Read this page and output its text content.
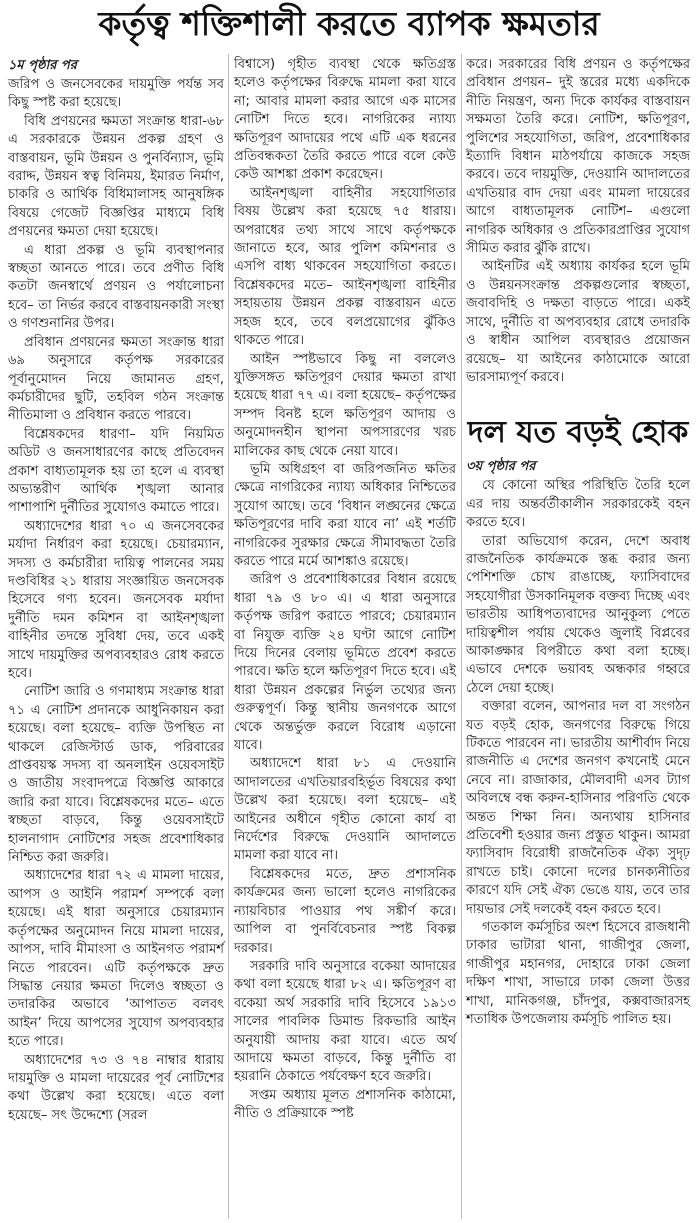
কর্তৃত্ব শক্তিশালী করতে ব্যাপক ক্ষমতার
১ম পৃষ্ঠার পর

জরিপ ও জনসেবকের দায়মুক্তি পর্যন্ত সব কিছু স্পষ্ট করা হয়েছে।

বিধি প্রণয়নের ক্ষমতা সংক্রান্ত ধারা-৬৮ এ সরকারকে উন্নয়ন প্রকল্প গ্রহণ ও বাস্তবায়ন, ভূমি উন্নয়ন ও পুনর্বিন্যাস, ভূমি বরাদ্দ, উন্নয়ন স্বত্ব বিনিময়, ইমারত নির্মাণ, চাকরি ও আর্থিক বিধিমালাসহ আনুষঙ্গিক বিষয়ে গেজেট বিজ্ঞপ্তির মাধ্যমে বিধি প্রণয়নের ক্ষমতা দেয়া হয়েছে।

এ ধারা প্রকল্প ও ভূমি ব্যবস্থাপনার স্বচ্ছতা আনতে পারে। তবে প্রণীত বিধি কতটা জনস্বার্থে প্রণয়ন ও পর্যালোচনা হবে– তা নির্ভর করবে বাস্তবায়নকারী সংস্থা ও গণশুনানির উপর।

প্রবিধান প্রণয়নের ক্ষমতা সংক্রান্ত ধারা ৬৯ অনুসারে কর্তৃপক্ষ সরকারের পূর্বানুমোদন নিয়ে জামানত গ্রহণ, কর্মচারীদের ছুটি, তহবিল গঠন সংক্রান্ত নীতিমালা ও প্রবিধান করতে পারবে।

বিশ্লেষকদের ধারণা– যদি নিয়মিত অডিট ও জনসাধারণের কাছে প্রতিবেদন প্রকাশ বাধ্যতামূলক হয় তা হলে এ ব্যবস্থা অভ্যন্তরীণ আর্থিক শৃঙ্খলা আনার পাশাপাশি দুর্নীতির সুযোগও কমাতে পারে।

অধ্যাদেশের ধারা ৭০ এ জনসেবকের মর্যাদা নির্ধারণ করা হয়েছে। চেয়ারম্যান, সদস্য ও কর্মচারীরা দায়িত্ব পালনের সময় দণ্ডবিধির ২১ ধারায় সংজ্ঞায়িত জনসেবক হিসেবে গণ্য হবেন। জনসেবক মর্যাদা দুর্নীতি দমন কমিশন বা আইনশৃঙ্খলা বাহিনীর তদন্তে সুবিধা দেয়, তবে একই সাথে দায়মুক্তির অপব্যবহারও রোধ করতে হবে।

নোটিশ জারি ও গণমাধ্যম সংক্রান্ত ধারা ৭১ এ নোটিশ প্রদানকে আধুনিকায়ন করা হয়েছে। বলা হয়েছে– ব্যক্তি উপস্থিত না থাকলে রেজিস্টার্ড ডাক, পরিবারের প্রাপ্তবয়স্ক সদস্য বা অনলাইন ওয়েবসাইট ও জাতীয় সংবাদপত্রে বিজ্ঞপ্তি আকারে জারি করা যাবে। বিশ্লেষকদের মতে– এতে স্বচ্ছতা বাড়বে, কিন্তু ওয়েবসাইটে হালনাগাদ নোটিশের সহজ প্রবেশাধিকার নিশ্চিত করা জরুরি।

অধ্যাদেশের ধারা ৭২ এ মামলা দায়ের, আপস ও আইনি পরামর্শ সম্পর্কে বলা হয়েছে। এই ধারা অনুসারে চেয়ারম্যান কর্তৃপক্ষের অনুমোদন নিয়ে মামলা দায়ের, আপস, দাবি মীমাংসা ও আইনগত পরামর্শ নিতে পারবেন। এটি কর্তৃপক্ষকে দ্রুত সিদ্ধান্ত নেয়ার ক্ষমতা দিলেও স্বচ্ছতা ও তদারকির অভাবে ‘আপাতত বলবৎ আইন’ দিয়ে আপসের সুযোগ অপব্যবহার হতে পারে।

অধ্যাদেশের ৭৩ ও ৭৪ নাম্বার ধারায় দায়মুক্তি ও মামলা দায়েরের পূর্ব নোটিশের কথা উল্লেখ করা হয়েছে। এতে বলা হয়েছে– সৎ উদ্দেশ্যে (সরল

বিশ্বাসে) গৃহীত ব্যবস্থা থেকে ক্ষতিগ্রস্ত হলেও কর্তৃপক্ষের বিরুদ্ধে মামলা করা যাবে না; আবার মামলা করার আগে এক মাসের নোটিশ দিতে হবে। নাগরিকের ন্যায্য ক্ষতিপূরণ আদায়ের পথে এটি এক ধরনের প্রতিবন্ধকতা তৈরি করতে পারে বলে কেউ কেউ আশঙ্কা প্রকাশ করেছেন।

আইনশৃঙ্খলা বাহিনীর সহযোগিতার বিষয় উল্লেখ করা হয়েছে ৭৫ ধারায়। অপরাধের তথ্য সাথে সাথে কর্তৃপক্ষকে জানাতে হবে, আর পুলিশ কমিশনার ও এসপি বাধ্য থাকবেন সহযোগিতা করতে। বিশ্লেষকদের মতে– আইনশৃঙ্খলা বাহিনীর সহায়তায় উন্নয়ন প্রকল্প বাস্তবায়ন এতে সহজ হবে, তবে বলপ্রয়োগের ঝুঁকিও থাকতে পারে।

আইন স্পষ্টভাবে কিছু না বললেও যুক্তিসঙ্গত ক্ষতিপূরণ দেয়ার ক্ষমতা রাখা হয়েছে ধারা ৭৭ এ। বলা হয়েছে– কর্তৃপক্ষের সম্পদ বিনষ্ট হলে ক্ষতিপূরণ আদায় ও অনুমোদনহীন স্থাপনা অপসারণের খরচ মালিকের কাছ থেকে নেয়া যাবে।

ভূমি অধিগ্রহণ বা জরিপজনিত ক্ষতির ক্ষেত্রে নাগরিকের ন্যায্য অধিকার নিশ্চিতের সুযোগ আছে। তবে ‘বিধান লঙ্ঘনের ক্ষেত্রে ক্ষতিপূরণের দাবি করা যাবে না’ এই শর্তটি নাগরিকের সুরক্ষার ক্ষেত্রে সীমাবদ্ধতা তৈরি করতে পারে মর্মে আশঙ্কাও রয়েছে।

জরিপ ও প্রবেশাধিকারের বিধান রয়েছে ধারা ৭৯ ও ৮০ এ। এ ধারা অনুসারে কর্তৃপক্ষ জরিপ করাতে পারবে; চেয়ারম্যান বা নিযুক্ত ব্যক্তি ২৪ ঘণ্টা আগে নোটিশ দিয়ে দিনের বেলায় ভূমিতে প্রবেশ করতে পারবে। ক্ষতি হলে ক্ষতিপূরণ দিতে হবে। এই ধারা উন্নয়ন প্রকল্পের নির্ভুল তথ্যের জন্য গুরুত্বপূর্ণ। কিন্তু স্থানীয় জনগণকে আগে থেকে অন্তর্ভুক্ত করলে বিরোধ এড়ানো যাবে।

অধ্যাদেশে ধারা ৮১ এ দেওয়ানি আদালতের এখতিয়ারবহির্ভূত বিষয়ের কথা উল্লেখ করা হয়েছে। বলা হয়েছে– এই আইনের অধীনে গৃহীত কোনো কার্য বা নির্দেশের বিরুদ্ধে দেওয়ানি আদালতে মামলা করা যাবে না।

বিশ্লেষকদের মতে, দ্রুত প্রশাসনিক কার্যক্রমের জন্য ভালো হলেও নাগরিকের ন্যায়বিচার পাওয়ার পথ সঙ্কীর্ণ করে। আপিল বা পুনর্বিবেচনার স্পষ্ট বিকল্প দরকার।

সরকারি দাবি অনুসারে বকেয়া আদায়ের কথা বলা হয়েছে ধারা ৮২ এ। ক্ষতিপূরণ বা বকেয়া অর্থ সরকারি দাবি হিসেবে ১৯১৩ সালের পাবলিক ডিমান্ড রিকভারি আইন অনুযায়ী আদায় করা যাবে। এতে অর্থ আদায়ে ক্ষমতা বাড়বে, কিন্তু দুর্নীতি বা হয়রানি ঠেকাতে পর্যবেক্ষণ হবে জরুরি।

সপ্তম অধ্যায় মূলত প্রশাসনিক কাঠামো, নীতি ও প্রক্রিয়াকে স্পষ্ট

করে। সরকারের বিধি প্রণয়ন ও কর্তৃপক্ষের প্রবিধান প্রণয়ন– দুই স্তরের মধ্যে একদিকে নীতি নিয়ন্ত্রণ, অন্য দিকে কার্যকর বাস্তবায়ন সক্ষমতা তৈরি করে। নোটিশ, ক্ষতিপূরণ, পুলিশের সহযোগিতা, জরিপ, প্রবেশাধিকার ইত্যাদি বিধান মাঠপর্যায়ে কাজকে সহজ করবে। তবে দায়মুক্তি, দেওয়ানি আদালতের এখতিয়ার বাদ দেয়া এবং মামলা দায়েরের আগে বাধ্যতামূলক নোটিশ– এগুলো নাগরিক অধিকার ও প্রতিকারপ্রাপ্তির সুযোগ সীমিত করার ঝুঁকি রাখে।

আইনটির এই অধ্যায় কার্যকর হলে ভূমি ও উন্নয়নসংক্রান্ত প্রকল্পগুলোর স্বচ্ছতা, জবাবদিহি ও দক্ষতা বাড়তে পারে। একই সাথে, দুর্নীতি বা অপব্যবহার রোধে তদারকি ও স্বাধীন আপিল ব্যবস্থারও প্রয়োজন রয়েছে– যা আইনের কাঠামোকে আরো ভারসাম্যপূর্ণ করবে।

দল যত বড়ই হোক
৩য় পৃষ্ঠার পর

যে কোনো অস্থির পরিস্থিতি তৈরি হলে এর দায় অন্তর্বর্তীকালীন সরকারকেই বহন করতে হবে।

তারা অভিযোগ করেন, দেশে অবাধ রাজনৈতিক কার্যক্রমকে স্তব্ধ করার জন্য পেশিশক্তি চোখ রাঙাচ্ছে, ফ্যাসিবাদের সহযোগীরা উসকানিমূলক বক্তব্য দিচ্ছে এবং ভারতীয় আধিপত্যবাদের আনুকূল্য পেতে দায়িত্বশীল পর্যায় থেকেও জুলাই বিপ্লবের আকাঙ্ক্ষার বিপরীতে কথা বলা হচ্ছে। এভাবে দেশকে ভয়াবহ অন্ধকার গহ্বরে ঠেলে দেয়া হচ্ছে।

বক্তারা বলেন, আপনার দল বা সংগঠন যত বড়ই হোক, জনগণের বিরুদ্ধে গিয়ে টিকতে পারবেন না। ভারতীয় আশীর্বাদ নিয়ে রাজনীতি এ দেশের জনগণ কখনোই মেনে নেবে না। রাজাকার, মৌলবাদী এসব ট্যাগ অবিলম্বে বন্ধ করুন-হাসিনার পরিণতি থেকে অন্তত শিক্ষা নিন। অন্যথায় হাসিনার প্রতিবেশী হওয়ার জন্য প্রস্তুত থাকুন। আমরা ফ্যাসিবাদ বিরোধী রাজনৈতিক ঐক্য সুদৃঢ় রাখতে চাই। কোনো দলের চানক্যনীতির কারণে যদি সেই ঐক্য ভেঙে যায়, তবে তার দায়ভার সেই দলকেই বহন করতে হবে।

গতকাল কর্মসূচির অংশ হিসেবে রাজধানী ঢাকার ভাটারা থানা, গাজীপুর জেলা, গাজীপুর মহানগর, দোহারে ঢাকা জেলা দক্ষিণ শাখা, সাভারে ঢাকা জেলা উত্তর শাখা, মানিকগঞ্জ, চাঁদপুর, কক্সবাজারসহ শতাধিক উপজেলায় কর্মসূচি পালিত হয়।
